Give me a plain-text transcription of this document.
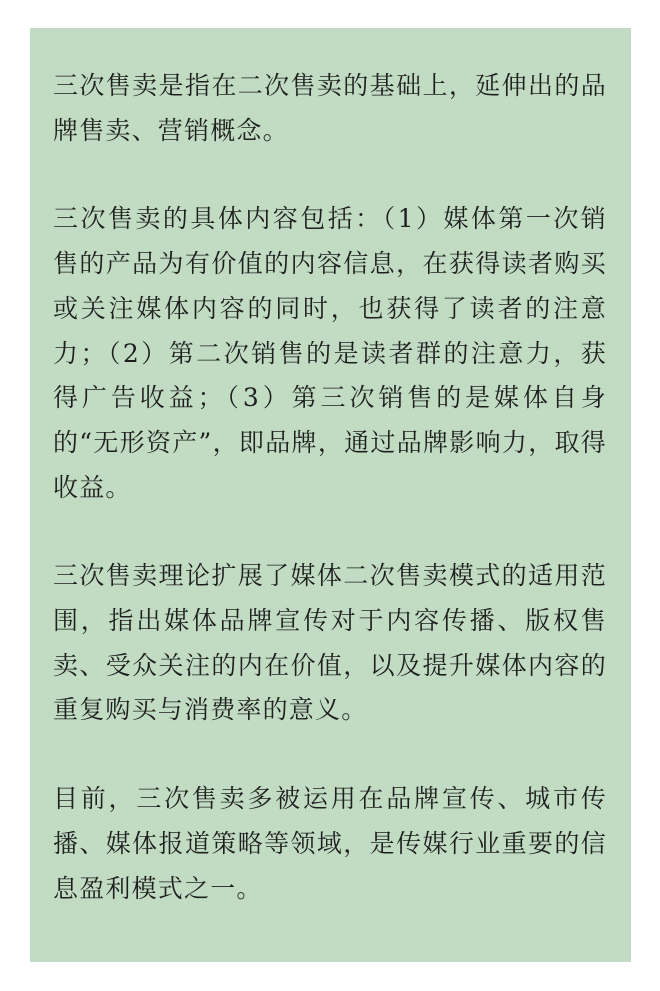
三次售卖是指在二次售卖的基础上，延伸出的品牌售卖、营销概念。

三次售卖的具体内容包括：（1）媒体第一次销售的产品为有价值的内容信息，在获得读者购买或关注媒体内容的同时，也获得了读者的注意力；（2）第二次销售的是读者群的注意力，获得广告收益；（3）第三次销售的是媒体自身的“无形资产”，即品牌，通过品牌影响力，取得收益。

三次售卖理论扩展了媒体二次售卖模式的适用范围，指出媒体品牌宣传对于内容传播、版权售卖、受众关注的内在价值，以及提升媒体内容的重复购买与消费率的意义。

目前，三次售卖多被运用在品牌宣传、城市传播、媒体报道策略等领域，是传媒行业重要的信息盈利模式之一。
